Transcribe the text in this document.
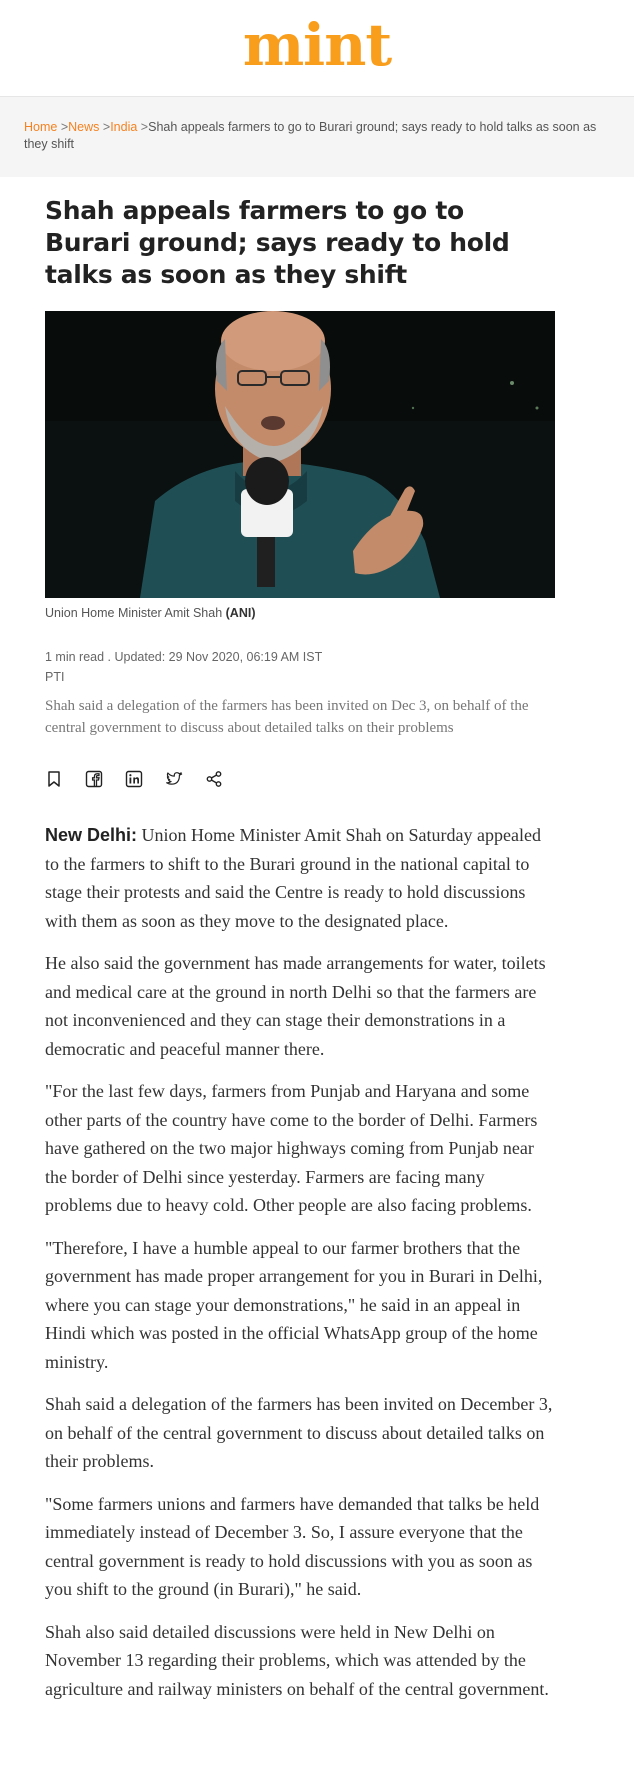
mint
Home >News >India >Shah appeals farmers to go to Burari ground; says ready to hold talks as soon as they shift
Shah appeals farmers to go to Burari ground; says ready to hold talks as soon as they shift
Union Home Minister Amit Shah (ANI)
1 min read . Updated: 29 Nov 2020, 06:19 AM IST
PTI
Shah said a delegation of the farmers has been invited on Dec 3, on behalf of the central government to discuss about detailed talks on their problems

New Delhi: Union Home Minister Amit Shah on Saturday appealed to the farmers to shift to the Burari ground in the national capital to stage their protests and said the Centre is ready to hold discussions with them as soon as they move to the designated place.

He also said the government has made arrangements for water, toilets and medical care at the ground in north Delhi so that the farmers are not inconvenienced and they can stage their demonstrations in a democratic and peaceful manner there.

"For the last few days, farmers from Punjab and Haryana and some other parts of the country have come to the border of Delhi. Farmers have gathered on the two major highways coming from Punjab near the border of Delhi since yesterday. Farmers are facing many problems due to heavy cold. Other people are also facing problems.

"Therefore, I have a humble appeal to our farmer brothers that the government has made proper arrangement for you in Burari in Delhi, where you can stage your demonstrations," he said in an appeal in Hindi which was posted in the official WhatsApp group of the home ministry.

Shah said a delegation of the farmers has been invited on December 3, on behalf of the central government to discuss about detailed talks on their problems.

"Some farmers unions and farmers have demanded that talks be held immediately instead of December 3. So, I assure everyone that the central government is ready to hold discussions with you as soon as you shift to the ground (in Burari)," he said.

Shah also said detailed discussions were held in New Delhi on November 13 regarding their problems, which was attended by the agriculture and railway ministers on behalf of the central government.
